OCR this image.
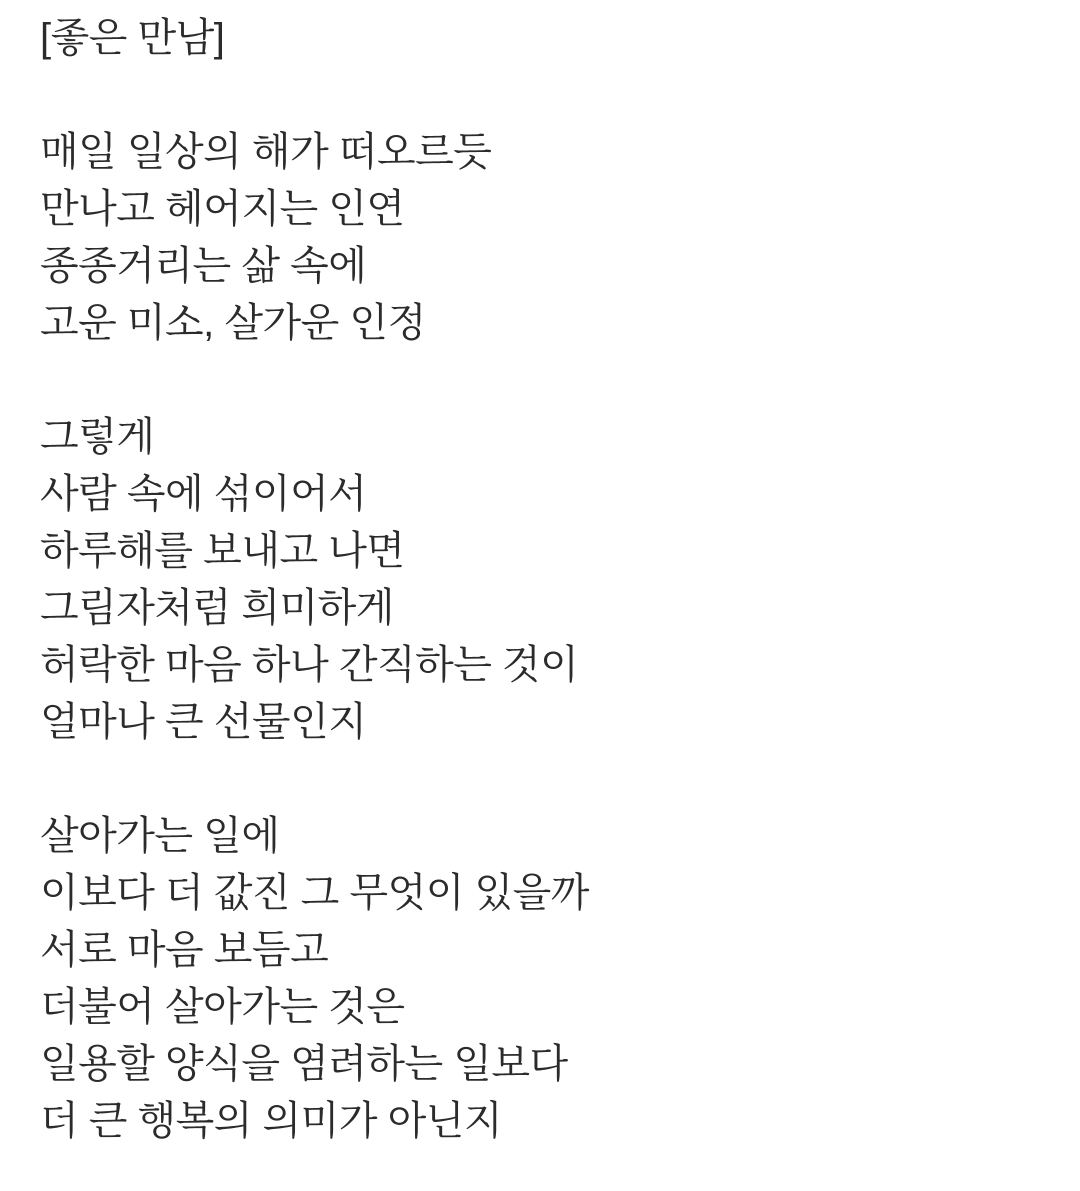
[좋은 만남]

매일 일상의 해가 떠오르듯

만나고 헤어지는 인연

종종거리는 삶 속에

고운 미소, 살가운 인정

그렇게

사람 속에 섞이어서

하루해를 보내고 나면

그림자처럼 희미하게

허락한 마음 하나 간직하는 것이

얼마나 큰 선물인지

살아가는 일에

이보다 더 값진 그 무엇이 있을까

서로 마음 보듬고

더불어 살아가는 것은

일용할 양식을 염려하는 일보다

더 큰 행복의 의미가 아닌지
